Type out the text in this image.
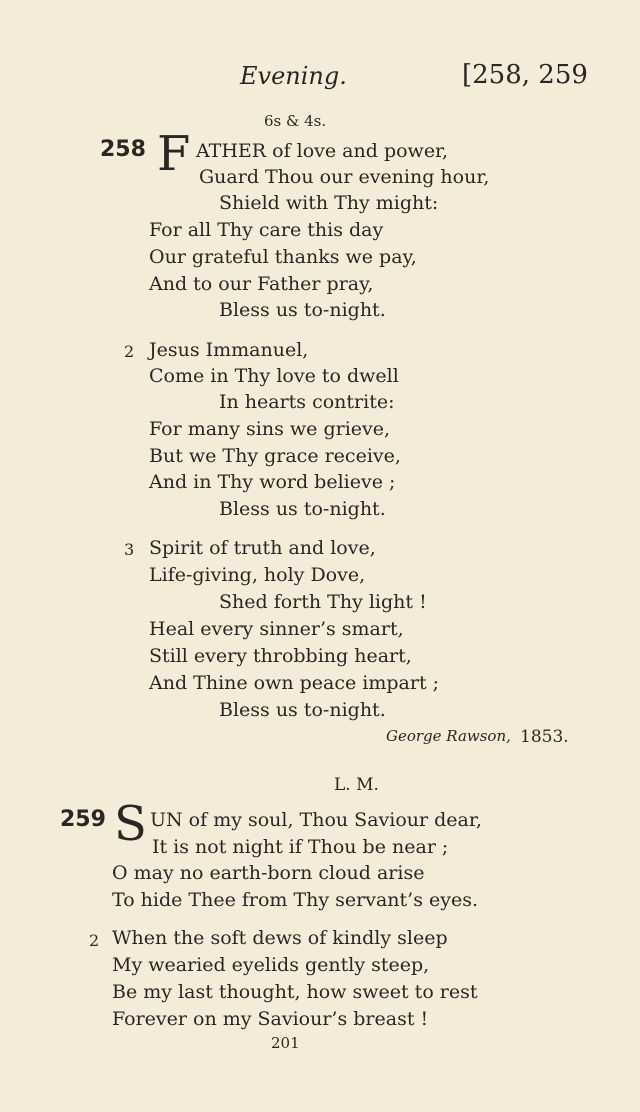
Evening.	[258, 259
6s & 4s.
258 F ATHER of love and power,
Guard Thou our evening hour,
Shield with Thy might:
For all Thy care this day
Our grateful thanks we pay,
And to our Father pray,
Bless us to-night.
2 Jesus Immanuel,
Come in Thy love to dwell
In hearts contrite:
For many sins we grieve,
But we Thy grace receive,
And in Thy word believe ;
Bless us to-night.
3 Spirit of truth and love,
Life-giving, holy Dove,
Shed forth Thy light !
Heal every sinner’s smart,
Still every throbbing heart,
And Thine own peace impart ;
Bless us to-night.
George Rawson, 1853.
L. M.
259 S UN of my soul, Thou Saviour dear,
It is not night if Thou be near ;
O may no earth-born cloud arise
To hide Thee from Thy servant’s eyes.
2 When the soft dews of kindly sleep
My wearied eyelids gently steep,
Be my last thought, how sweet to rest
Forever on my Saviour’s breast !
201
